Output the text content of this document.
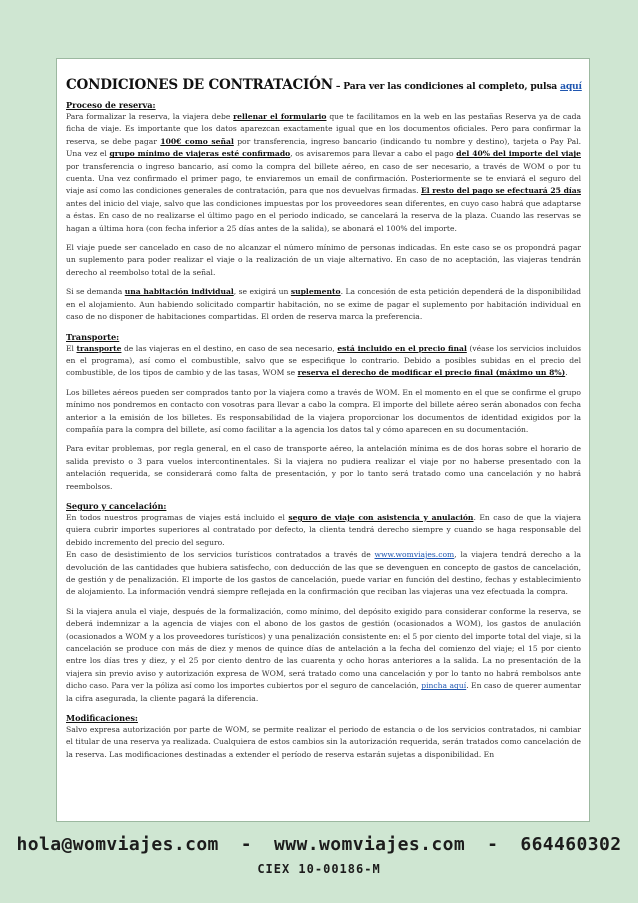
CONDICIONES DE CONTRATACIÓN – Para ver las condiciones al completo, pulsa aquí
Proceso de reserva:

Para formalizar la reserva, la viajera debe rellenar el formulario que te facilitamos en la web en las pestañas Reserva ya de cada ficha de viaje. Es importante que los datos aparezcan exactamente igual que en los documentos oficiales. Pero para confirmar la reserva, se debe pagar 100€ como señal por transferencia, ingreso bancario (indicando tu nombre y destino), tarjeta o Pay Pal. Una vez el grupo mínimo de viajeras esté confirmado, os avisaremos para llevar a cabo el pago del 40% del importe del viaje por transferencia o ingreso bancario, así como la compra del billete aéreo, en caso de ser necesario, a través de WOM o por tu cuenta. Una vez confirmado el primer pago, te enviaremos un email de confirmación. Posteriormente se te enviará el seguro del viaje así como las condiciones generales de contratación, para que nos devuelvas firmadas. El resto del pago se efectuará 25 días antes del inicio del viaje, salvo que las condiciones impuestas por los proveedores sean diferentes, en cuyo caso habrá que adaptarse a éstas. En caso de no realizarse el último pago en el periodo indicado, se cancelará la reserva de la plaza. Cuando las reservas se hagan a última hora (con fecha inferior a 25 días antes de la salida), se abonará el 100% del importe.

El viaje puede ser cancelado en caso de no alcanzar el número mínimo de personas indicadas. En este caso se os propondrá pagar un suplemento para poder realizar el viaje o la realización de un viaje alternativo. En caso de no aceptación, las viajeras tendrán derecho al reembolso total de la señal.

Si se demanda una habitación individual, se exigirá un suplemento. La concesión de esta petición dependerá de la disponibilidad en el alojamiento. Aun habiendo solicitado compartir habitación, no se exime de pagar el suplemento por habitación individual en caso de no disponer de habitaciones compartidas. El orden de reserva marca la preferencia.

Transporte:

El transporte de las viajeras en el destino, en caso de sea necesario, está incluido en el precio final (véase los servicios incluidos en el programa), así como el combustible, salvo que se especifique lo contrario. Debido a posibles subidas en el precio del combustible, de los tipos de cambio y de las tasas, WOM se reserva el derecho de modificar el precio final (máximo un 8%).

Los billetes aéreos pueden ser comprados tanto por la viajera como a través de WOM. En el momento en el que se confirme el grupo mínimo nos pondremos en contacto con vosotras para llevar a cabo la compra. El importe del billete aéreo serán abonados con fecha anterior a la emisión de los billetes. Es responsabilidad de la viajera proporcionar los documentos de identidad exigidos por la compañía para la compra del billete, así como facilitar a la agencia los datos tal y cómo aparecen en su documentación.

Para evitar problemas, por regla general, en el caso de transporte aéreo, la antelación mínima es de dos horas sobre el horario de salida previsto o 3 para vuelos intercontinentales. Si la viajera no pudiera realizar el viaje por no haberse presentado con la antelación requerida, se considerará como falta de presentación, y por lo tanto será tratado como una cancelación y no habrá reembolsos.

Seguro y cancelación:

En todos nuestros programas de viajes está incluido el seguro de viaje con asistencia y anulación. En caso de que la viajera quiera cubrir importes superiores al contratado por defecto, la clienta tendrá derecho siempre y cuando se haga responsable del debido incremento del precio del seguro.

En caso de desistimiento de los servicios turísticos contratados a través de www.womviajes.com, la viajera tendrá derecho a la devolución de las cantidades que hubiera satisfecho, con deducción de las que se devenguen en concepto de gastos de cancelación, de gestión y de penalización. El importe de los gastos de cancelación, puede variar en función del destino, fechas y establecimiento de alojamiento. La información vendrá siempre reflejada en la confirmación que reciban las viajeras una vez efectuada la compra.

Si la viajera anula el viaje, después de la formalización, como mínimo, del depósito exigido para considerar conforme la reserva, se deberá indemnizar a la agencia de viajes con el abono de los gastos de gestión (ocasionados a WOM), los gastos de anulación (ocasionados a WOM y a los proveedores turísticos) y una penalización consistente en: el 5 por ciento del importe total del viaje, si la cancelación se produce con más de diez y menos de quince días de antelación a la fecha del comienzo del viaje; el 15 por ciento entre los días tres y diez, y el 25 por ciento dentro de las cuarenta y ocho horas anteriores a la salida. La no presentación de la viajera sin previo aviso y autorización expresa de WOM, será tratado como una cancelación y por lo tanto no habrá rembolsos ante dicho caso. Para ver la póliza así como los importes cubiertos por el seguro de cancelación, pincha aquí. En caso de querer aumentar la cifra asegurada, la cliente pagará la diferencia.

Modificaciones:

Salvo expresa autorización por parte de WOM, se permite realizar el periodo de estancia o de los servicios contratados, ni cambiar el titular de una reserva ya realizada. Cualquiera de estos cambios sin la autorización requerida, serán tratados como cancelación de la reserva. Las modificaciones destinadas a extender el período de reserva estarán sujetas a disponibilidad. En

hola@womviajes.com - www.womviajes.com - 664460302
CIEX 10-00186-M
